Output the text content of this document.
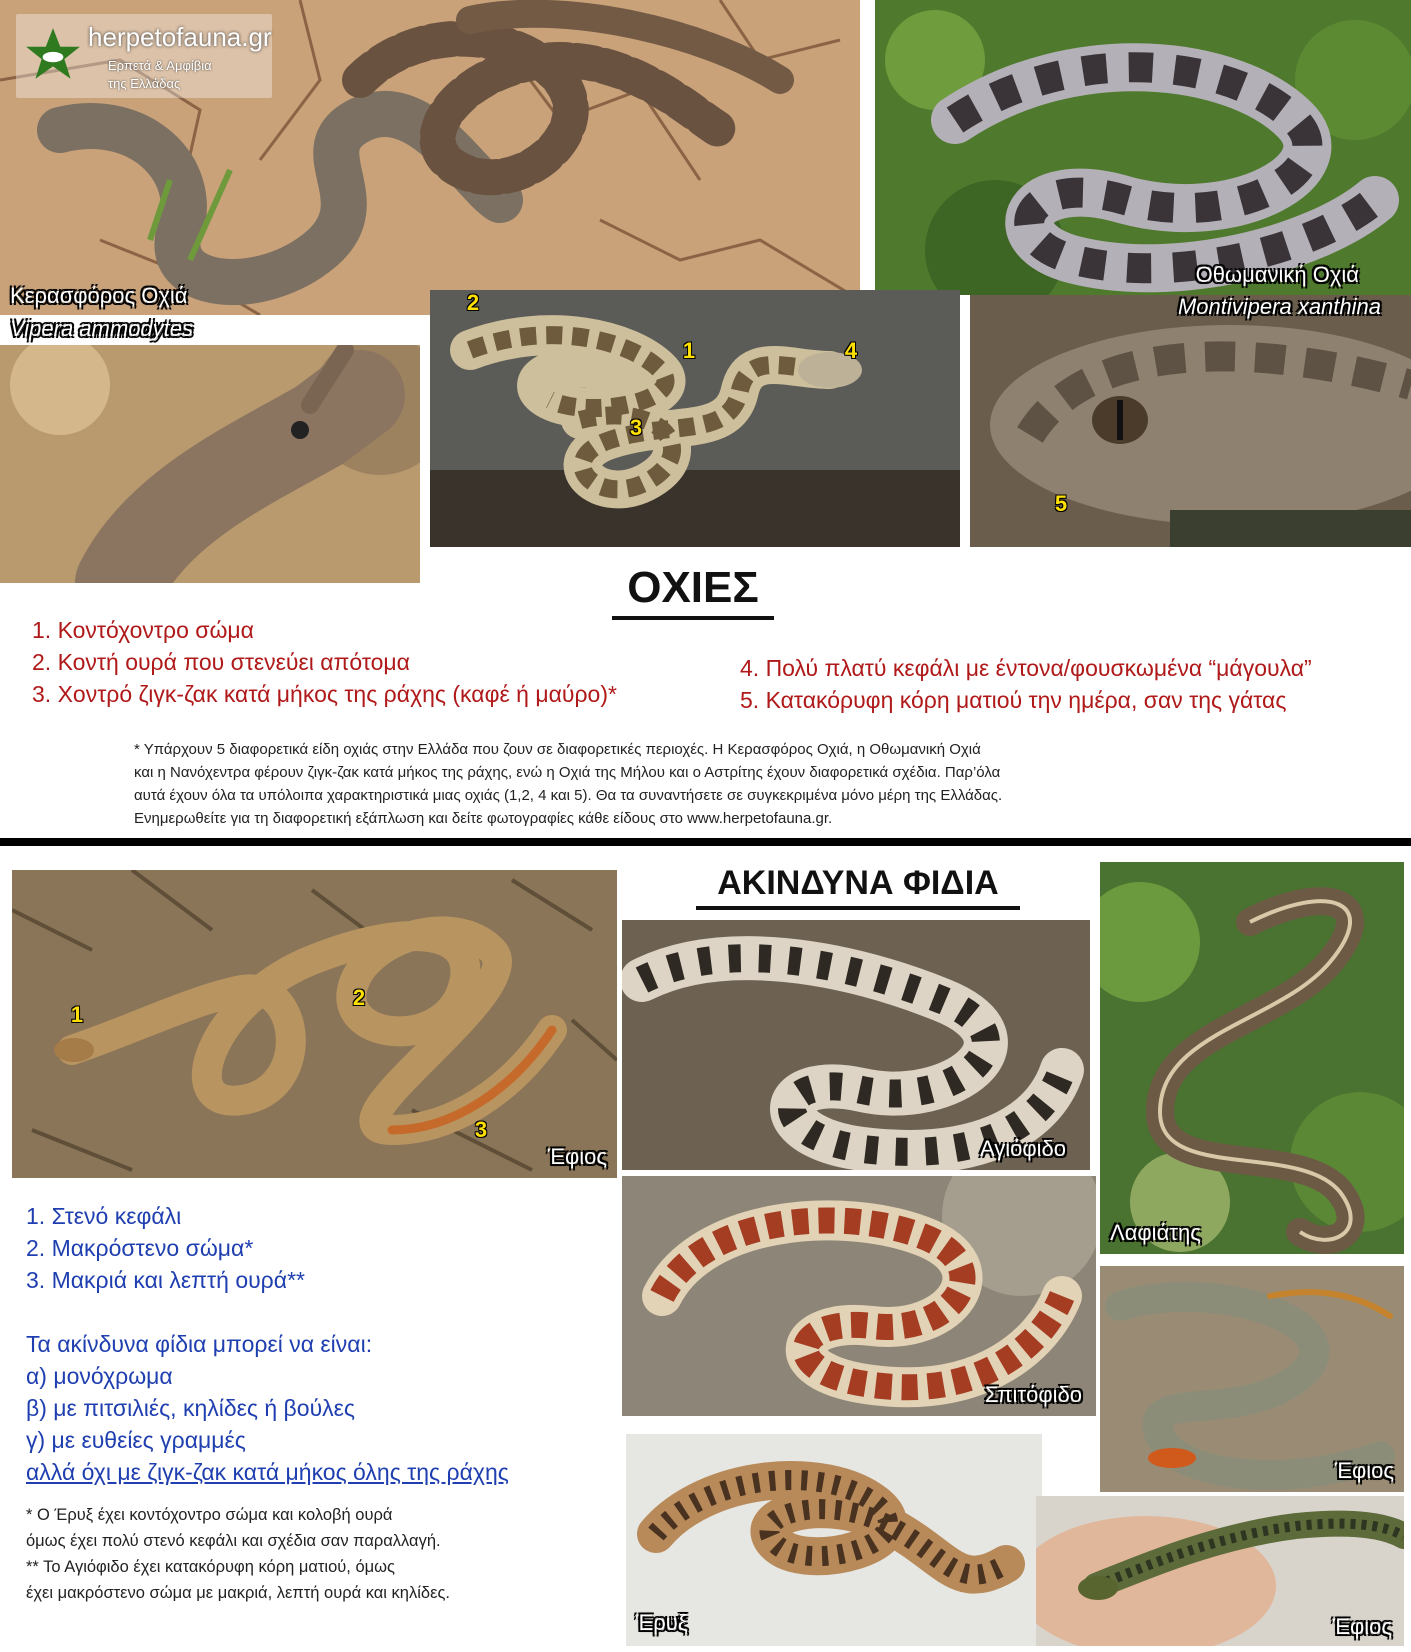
herpetofauna.gr
Ερπετά & Αμφίβια
της Ελλάδας
Κερασφόρος Οχιά
Vipera ammodytes
Οθωμανική Οχιά
Montivipera xanthina
2
1	4
3
5
ΟΧΙΕΣ
1. Κοντόχοντρο σώμα
2. Κοντή ουρά που στενεύει απότομα
3. Χοντρό ζιγκ-ζακ κατά μήκος της ράχης (καφέ ή μαύρο)*
4. Πολύ πλατύ κεφάλι με έντονα/φουσκωμένα “μάγουλα”
5. Κατακόρυφη κόρη ματιού την ημέρα, σαν της γάτας
* Υπάρχουν 5 διαφορετικά είδη οχιάς στην Ελλάδα που ζουν σε διαφορετικές περιοχές. Η Κερασφόρος Οχιά, η Οθωμανική Οχιά
και η Νανόχεντρα φέρουν ζιγκ-ζακ κατά μήκος της ράχης, ενώ η Οχιά της Μήλου και ο Αστρίτης έχουν διαφορετικά σχέδια. Παρ’όλα
αυτά έχουν όλα τα υπόλοιπα χαρακτηριστικά μιας οχιάς (1,2, 4 και 5). Θα τα συναντήσετε σε συγκεκριμένα μόνο μέρη της Ελλάδας.
Ενημερωθείτε για τη διαφορετική εξάπλωση και δείτε φωτογραφίες κάθε είδους στο www.herpetofauna.gr.
1
2
3
Έφιος
ΑΚΙΝΔΥΝΑ ΦΙΔΙΑ
Αγιόφιδο
Λαφιάτης
1. Στενό κεφάλι
2. Μακρόστενο σώμα*
3. Μακριά και λεπτή ουρά**
Τα ακίνδυνα φίδια μπορεί να είναι:
α) μονόχρωμα
β) με πιτσιλιές, κηλίδες ή βούλες
γ) με ευθείες γραμμές
αλλά όχι με ζιγκ-ζακ κατά μήκος όλης της ράχης
* Ο Έρυξ έχει κοντόχοντρο σώμα και κολοβή ουρά
όμως έχει πολύ στενό κεφάλι και σχέδια σαν παραλλαγή.
** Το Αγιόφιδο έχει κατακόρυφη κόρη ματιού, όμως
έχει μακρόστενο σώμα με μακριά, λεπτή ουρά και κηλίδες.
Σπιτόφιδο
Έφιος
Έρυξ	Έφιος
